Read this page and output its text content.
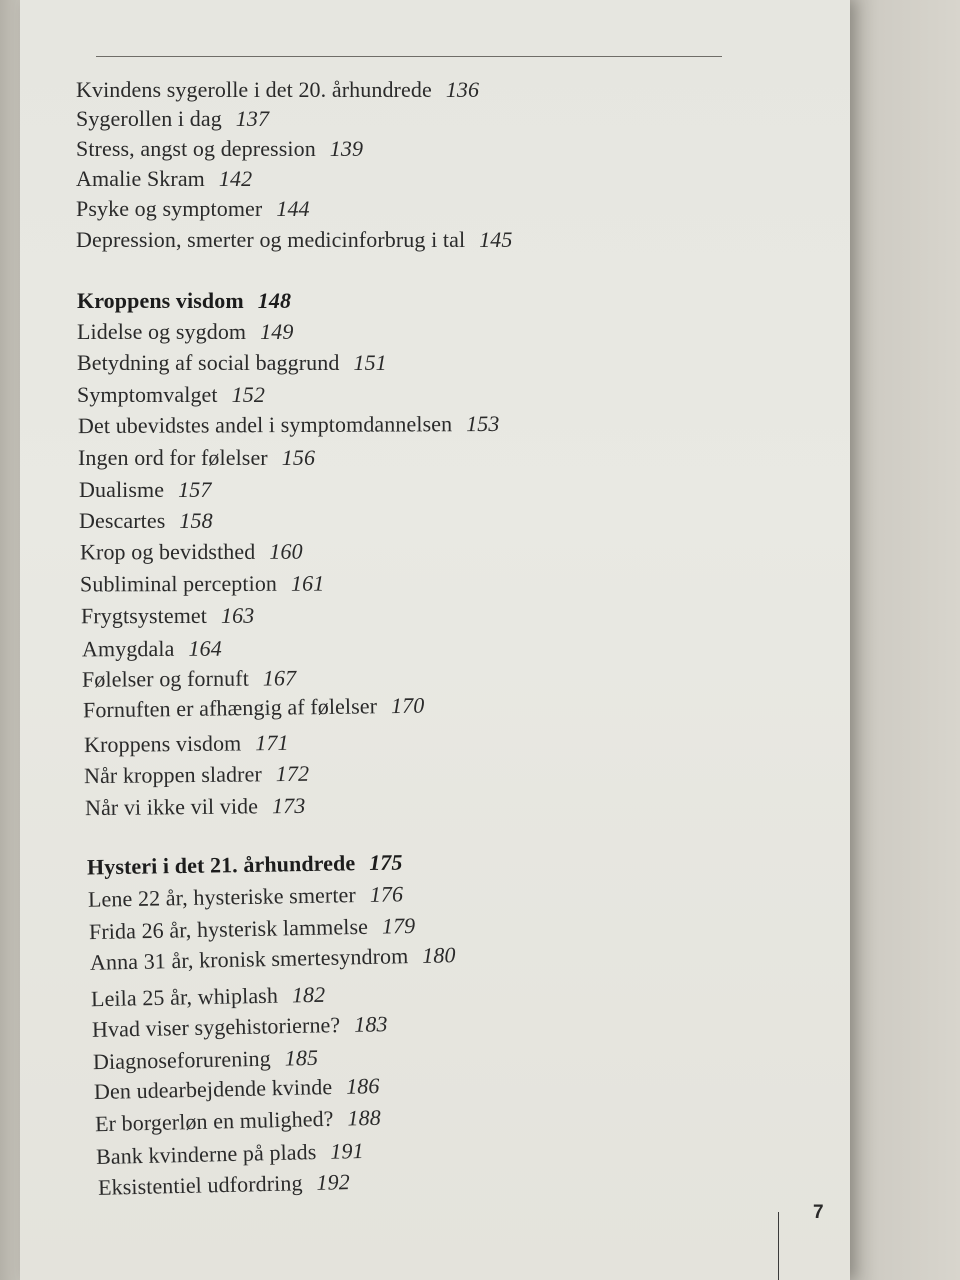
Kvindens sygerolle i det 20. århundrede 136
Sygerollen i dag 137
Stress, angst og depression 139
Amalie Skram 142
Psyke og symptomer 144
Depression, smerter og medicinforbrug i tal 145
Kroppens visdom 148
Lidelse og sygdom 149
Betydning af social baggrund 151
Symptomvalget 152
Det ubevidstes andel i symptomdannelsen 153
Ingen ord for følelser 156
Dualisme 157
Descartes 158
Krop og bevidsthed 160
Subliminal perception 161
Frygtsystemet 163
Amygdala 164
Følelser og fornuft 167
Fornuften er afhængig af følelser 170
Kroppens visdom 171
Når kroppen sladrer 172
Når vi ikke vil vide 173
Hysteri i det 21. århundrede 175
Lene 22 år, hysteriske smerter 176
Frida 26 år, hysterisk lammelse 179
Anna 31 år, kronisk smertesyndrom 180
Leila 25 år, whiplash 182
Hvad viser sygehistorierne? 183
Diagnoseforurening 185
Den udearbejdende kvinde 186
Er borgerløn en mulighed? 188
Bank kvinderne på plads 191
Eksistentiel udfordring 192
7
